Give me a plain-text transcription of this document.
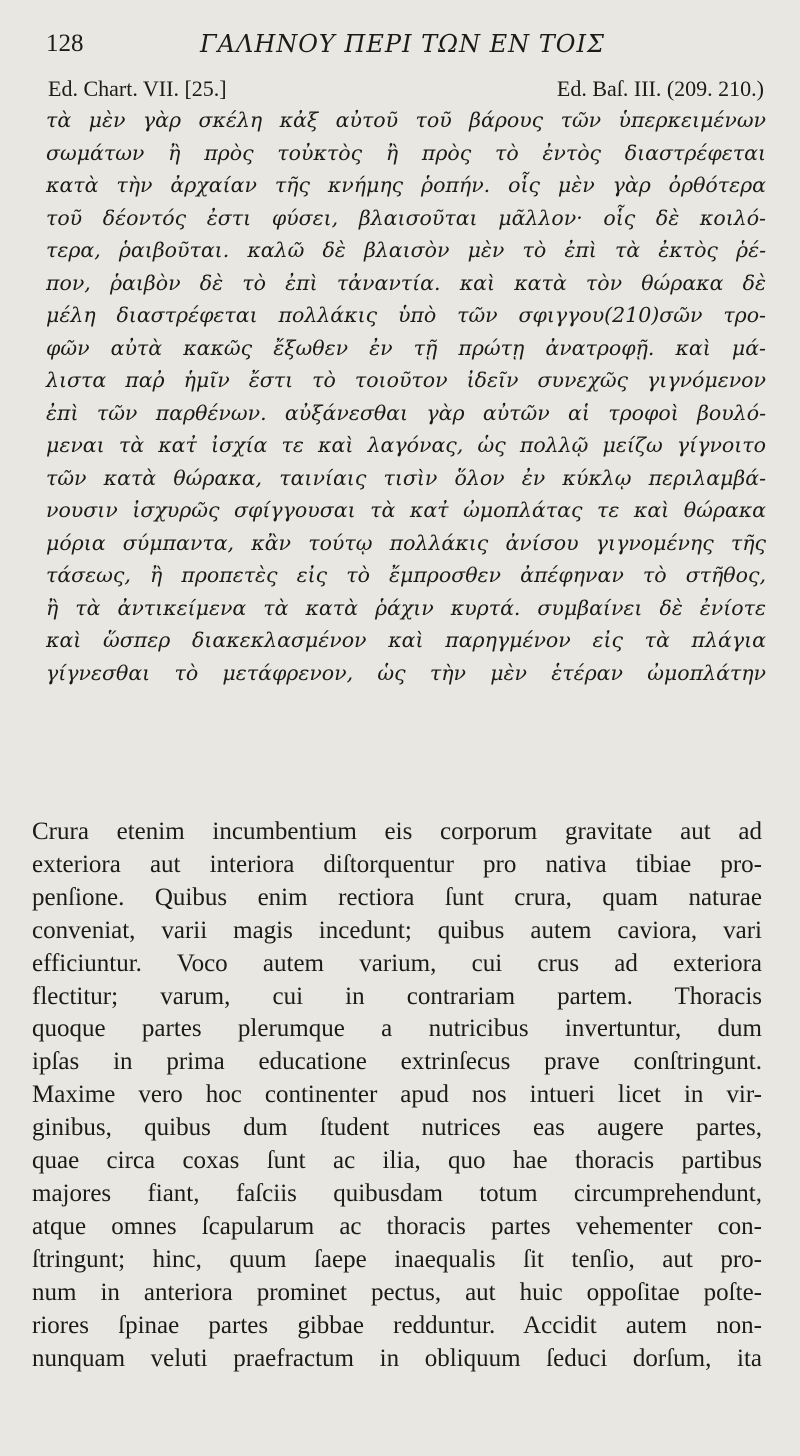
128	ΓΑΛΗΝΟΥ ΠΕΡΙ ΤΩΝ ΕΝ ΤΟΙΣ
Ed. Chart. VII. [25.]	Ed. Baſ. III. (209. 210.)
τὰ μὲν γὰρ σκέλη κἀξ αὐτοῦ τοῦ βάρους τῶν ὑπερκειμένων
σωμάτων ἢ πρὸς τοὐκτὸς ἢ πρὸς τὸ ἐντὸς διαστρέφεται
κατὰ τὴν ἀρχαίαν τῆς κνήμης ῥοπήν. οἷς μὲν γὰρ ὀρθότερα
τοῦ δέοντός ἐστι φύσει, βλαισοῦται μᾶλλον· οἷς δὲ κοιλό-
τερα, ῥαιβοῦται. καλῶ δὲ βλαισὸν μὲν τὸ ἐπὶ τὰ ἐκτὸς ῥέ-
πον, ῥαιβὸν δὲ τὸ ἐπὶ τἀναντία. καὶ κατὰ τὸν θώρακα δὲ
μέλη διαστρέφεται πολλάκις ὑπὸ τῶν σφιγγου(210)σῶν τρο-
φῶν αὐτὰ κακῶς ἔξωθεν ἐν τῇ πρώτῃ ἀνατροφῇ. καὶ μά-
λιστα παῤ ἡμῖν ἔστι τὸ τοιοῦτον ἰδεῖν συνεχῶς γιγνόμενον
ἐπὶ τῶν παρθένων. αὐξάνεσθαι γὰρ αὐτῶν αἱ τροφοὶ βουλό-
μεναι τὰ κατ̓ ἰσχία τε καὶ λαγόνας, ὡς πολλῷ μείζω γίγνοιτο
τῶν κατὰ θώρακα, ταινίαις τισὶν ὅλον ἐν κύκλῳ περιλαμβά-
νουσιν ἰσχυρῶς σφίγγουσαι τὰ κατ̓ ὠμοπλάτας τε καὶ θώρακα
μόρια σύμπαντα, κἂν τούτῳ πολλάκις ἀνίσου γιγνομένης τῆς
τάσεως, ἢ προπετὲς εἰς τὸ ἔμπροσθεν ἀπέφηναν τὸ στῆθος,
ἢ τὰ ἀντικείμενα τὰ κατὰ ῥάχιν κυρτά. συμβαίνει δὲ ἐνίοτε
καὶ ὥσπερ διακεκλασμένον καὶ παρηγμένον εἰς τὰ πλάγια
γίγνεσθαι τὸ μετάφρενον, ὡς τὴν μὲν ἑτέραν ὠμοπλάτην
Crura etenim incumbentium eis corporum gravitate aut ad
exteriora aut interiora diſtorquentur pro nativa tibiae pro-
penſione. Quibus enim rectiora ſunt crura, quam naturae
conveniat, varii magis incedunt; quibus autem caviora, vari
efficiuntur. Voco autem varium, cui crus ad exteriora
flectitur; varum, cui in contrariam partem. Thoracis
quoque partes plerumque a nutricibus invertuntur, dum
ipſas in prima educatione extrinſecus prave conſtringunt.
Maxime vero hoc continenter apud nos intueri licet in vir-
ginibus, quibus dum ſtudent nutrices eas augere partes,
quae circa coxas ſunt ac ilia, quo hae thoracis partibus
majores fiant, faſciis quibusdam totum circumprehendunt,
atque omnes ſcapularum ac thoracis partes vehementer con-
ſtringunt; hinc, quum ſaepe inaequalis ſit tenſio, aut pro-
num in anteriora prominet pectus, aut huic oppoſitae poſte-
riores ſpinae partes gibbae redduntur. Accidit autem non-
nunquam veluti praefractum in obliquum ſeduci dorſum, ita
